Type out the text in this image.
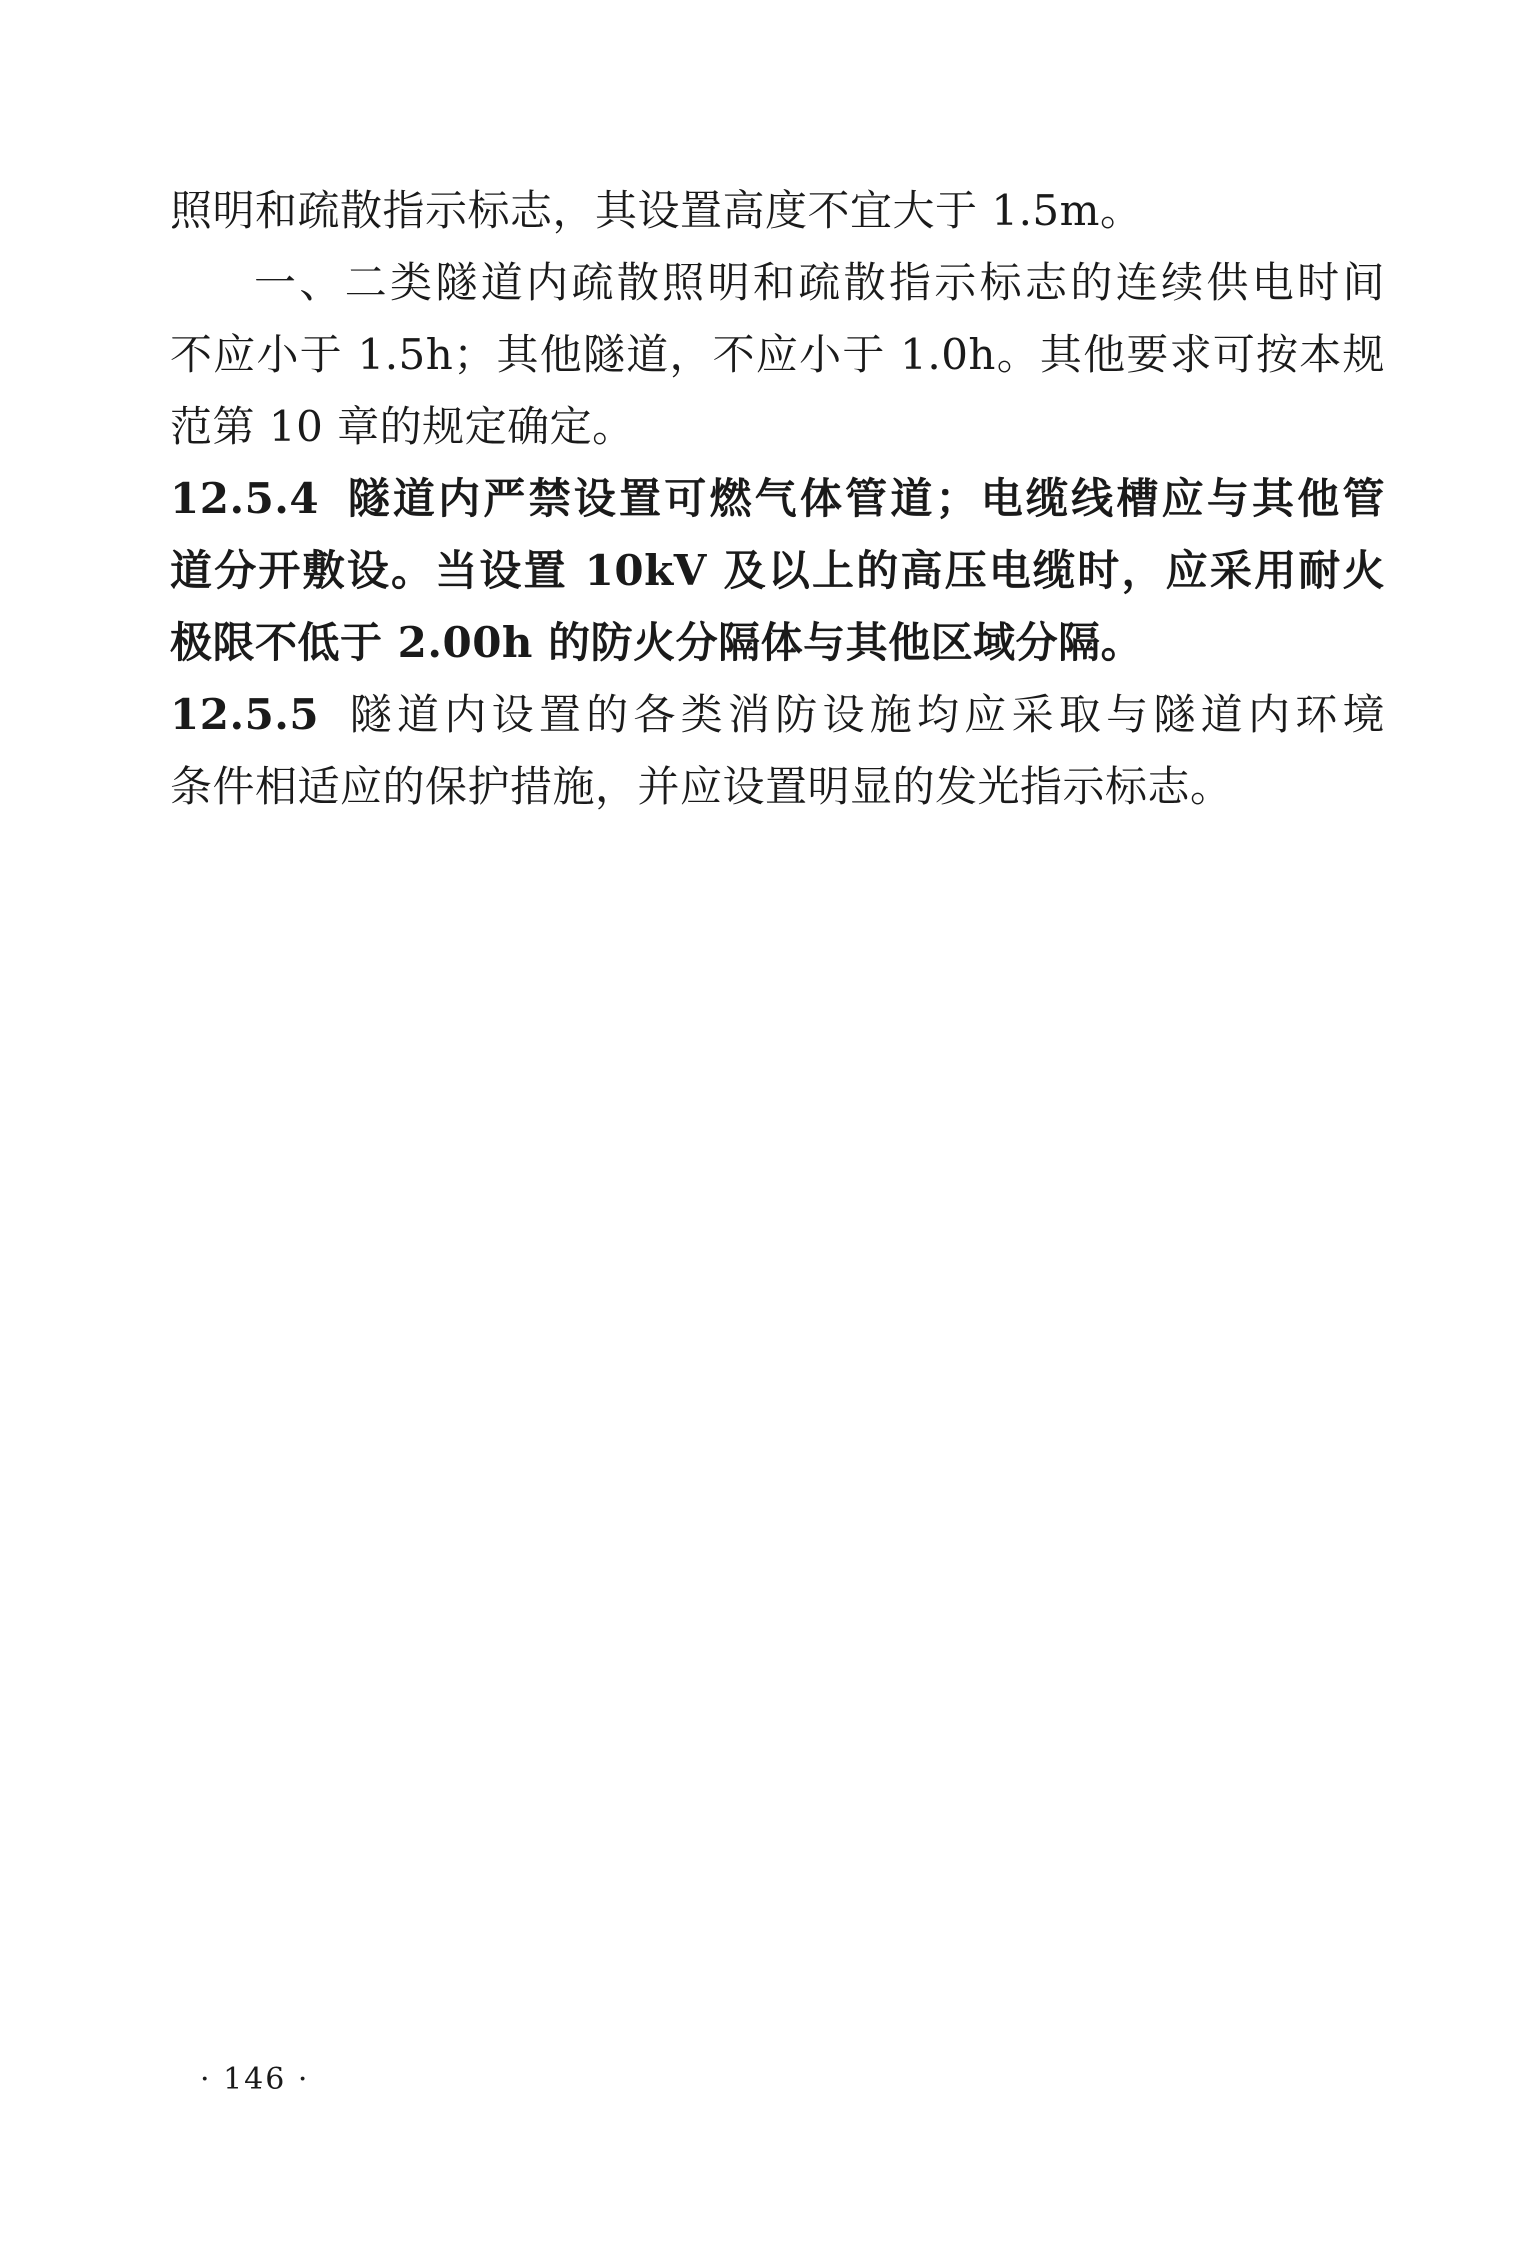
照明和疏散指示标志，其设置高度不宜大于 1.5m。
一、二类隧道内疏散照明和疏散指示标志的连续供电时间
不应小于 1.5h；其他隧道，不应小于 1.0h。其他要求可按本规
范第 10 章的规定确定。
12.5.4 隧道内严禁设置可燃气体管道；电缆线槽应与其他管
道分开敷设。当设置 10kV 及以上的高压电缆时，应采用耐火
极限不低于 2.00h 的防火分隔体与其他区域分隔。
12.5.5 隧道内设置的各类消防设施均应采取与隧道内环境
条件相适应的保护措施，并应设置明显的发光指示标志。
· 146 ·
